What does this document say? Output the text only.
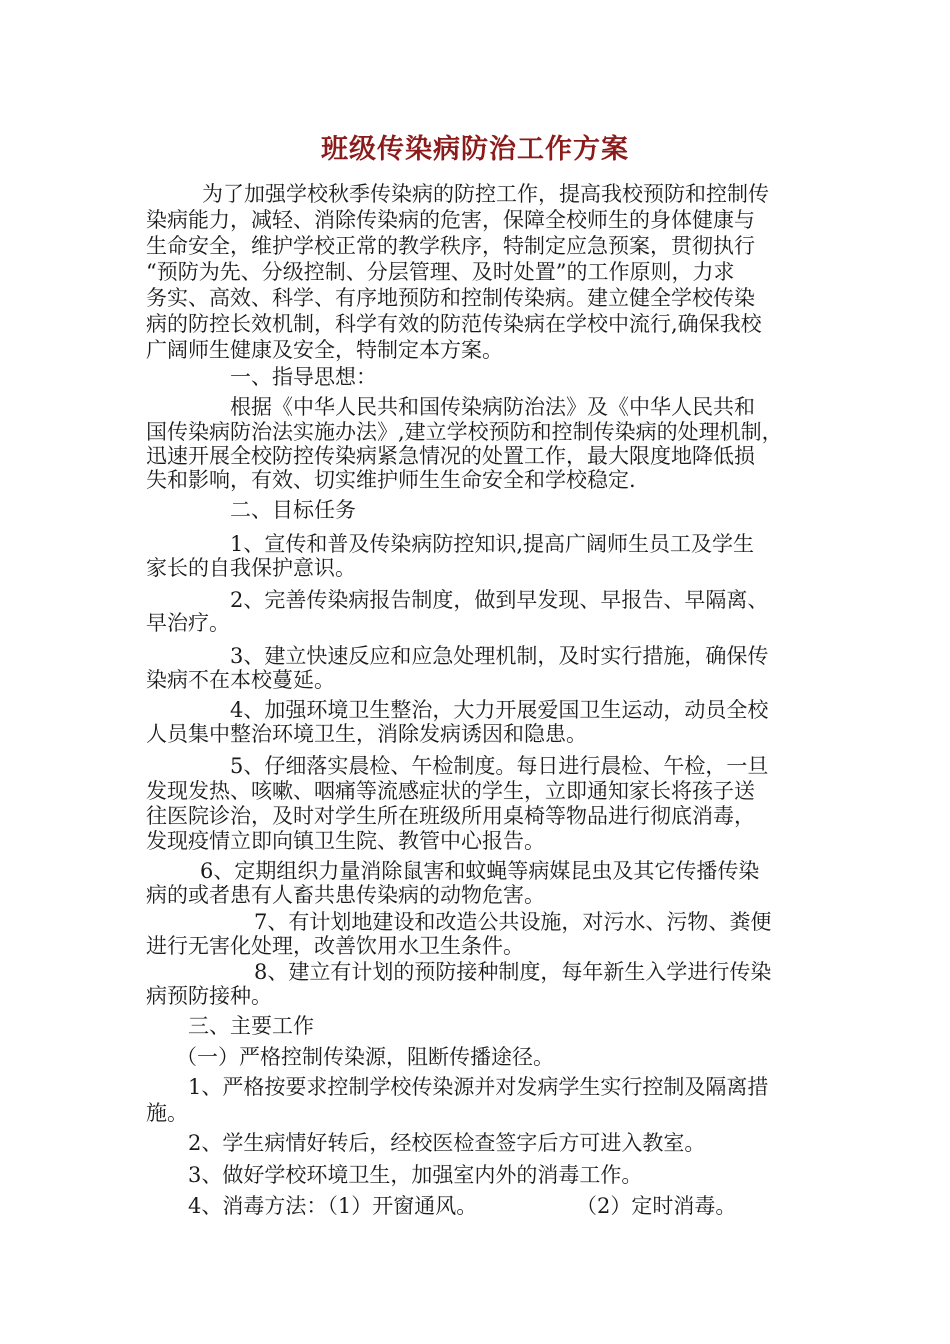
班级传染病防治工作方案
为了加强学校秋季传染病的防控工作，提高我校预防和控制传
染病能力，减轻、消除传染病的危害，保障全校师生的身体健康与
生命安全，维护学校正常的教学秩序，特制定应急预案，贯彻执行
“预防为先、分级控制、分层管理、及时处置”的工作原则，力求
务实、高效、科学、有序地预防和控制传染病。建立健全学校传染
病的防控长效机制，科学有效的防范传染病在学校中流行,确保我校
广阔师生健康及安全，特制定本方案。
一、指导思想：
根据《中华人民共和国传染病防治法》及《中华人民共和
国传染病防治法实施办法》,建立学校预防和控制传染病的处理机制，
迅速开展全校防控传染病紧急情况的处置工作，最大限度地降低损
失和影响，有效、切实维护师生生命安全和学校稳定.
二、目标任务
1、宣传和普及传染病防控知识,提高广阔师生员工及学生
家长的自我保护意识。
2、完善传染病报告制度，做到早发现、早报告、早隔离、
早治疗。
3、建立快速反应和应急处理机制，及时实行措施，确保传
染病不在本校蔓延。
4、加强环境卫生整治，大力开展爱国卫生运动，动员全校
人员集中整治环境卫生，消除发病诱因和隐患。
5、仔细落实晨检、午检制度。每日进行晨检、午检，一旦
发现发热、咳嗽、咽痛等流感症状的学生，立即通知家长将孩子送
往医院诊治，及时对学生所在班级所用桌椅等物品进行彻底消毒，
发现疫情立即向镇卫生院、教管中心报告。
6、定期组织力量消除鼠害和蚊蝇等病媒昆虫及其它传播传染
病的或者患有人畜共患传染病的动物危害。
7、有计划地建设和改造公共设施，对污水、污物、粪便
进行无害化处理，改善饮用水卫生条件。
8、建立有计划的预防接种制度，每年新生入学进行传染
病预防接种。
三、主要工作
（一）严格控制传染源，阻断传播途径。
1、严格按要求控制学校传染源并对发病学生实行控制及隔离措
施。
2、学生病情好转后，经校医检查签字后方可进入教室。
3、做好学校环境卫生，加强室内外的消毒工作。
4、消毒方法：（1）开窗通风。	（2）定时消毒。
